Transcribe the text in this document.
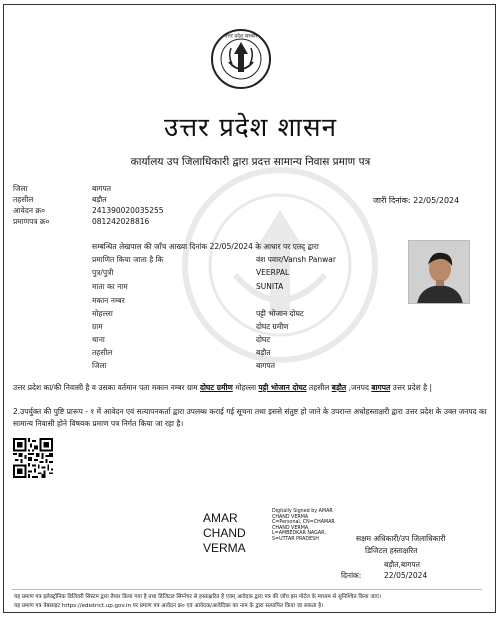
उत्तर प्रदेश सरकार
उत्तर प्रदेश शासन
कार्यालय उप जिलाधिकारी द्वारा प्रदत्त सामान्य निवास प्रमाण पत्र
जिला	बागपत
तहसील	बड़ौत
आवेदन क्र०	241390020035255
प्रमाणपत्र क्र०	081242028816
जारी दिनांक: 22/05/2024
सम्बन्धित लेखपाल की जाँच आख्या दिनांक 22/05/2024 के आधार पर एतद् द्वारा
प्रमाणित किया जाता है कि	वंश पवार/Vansh Panwar
पुत्र/पुत्री	VEERPAL
माता का नाम	SUNITA
मकान नम्बर
मोहल्ला	पट्टी भोजान दोघट
ग्राम	दोघट ग्रमीण
थाना	दोघट
तहसील	बड़ौत
जिला	बागपत
उत्तर प्रदेश का/की निवासी है व उसका वर्तमान पता मकान नम्बर ग्राम दोघट ग्रमीण मोहल्ला पट्टी भोजान दोघट तहसील बड़ौत ,जनपद बागपत उत्तर प्रदेश है |
2.उपर्युक्त की पुष्टि प्रारूप - १ में आवेदन एवं सत्यापनकर्ता द्वारा उपलब्ध कराई गई सूचना तथा इससे संतुष्ट हो जाने के उपरान्त अधोहस्ताक्षरी द्वारा उत्तर प्रदेश के उक्त जनपद का सामान्य निवासी होने विषयक प्रमाण पत्र निर्गत किया जा रहा है।
AMAR
CHAND
VERMA
Digitally Signed by AMAR CHAND VERMA C=Personal, CN=CHAMAR CHAND VERMA, L=AMBEDKAR NAGAR, S=UTTAR PRADESH	सक्षम अधिकारी/उप जिलाधिकारी
डिजिटल हस्ताक्षरित
बड़ौत,बागपत
दिनांक:	22/05/2024
यह प्रमाण पत्र इलेक्ट्रॉनिक डिलिवरी सिस्टम द्वारा तैयार किया गया है तथा डिजिटल सिग्नेचर से हस्ताक्षरित है एवम् आवेदक द्वारा पत्र की जाँच इस पोर्टल के माध्यम से सुनिश्चित किया जाए।
यह प्रमाण पत्र वेबसाइट https://edistrict.up.gov.in पर प्रमाण पत्र आवेदन क्र० एवं आवेदक/आवेदिका का नाम के द्वारा सत्यापित किया जा सकता है।
